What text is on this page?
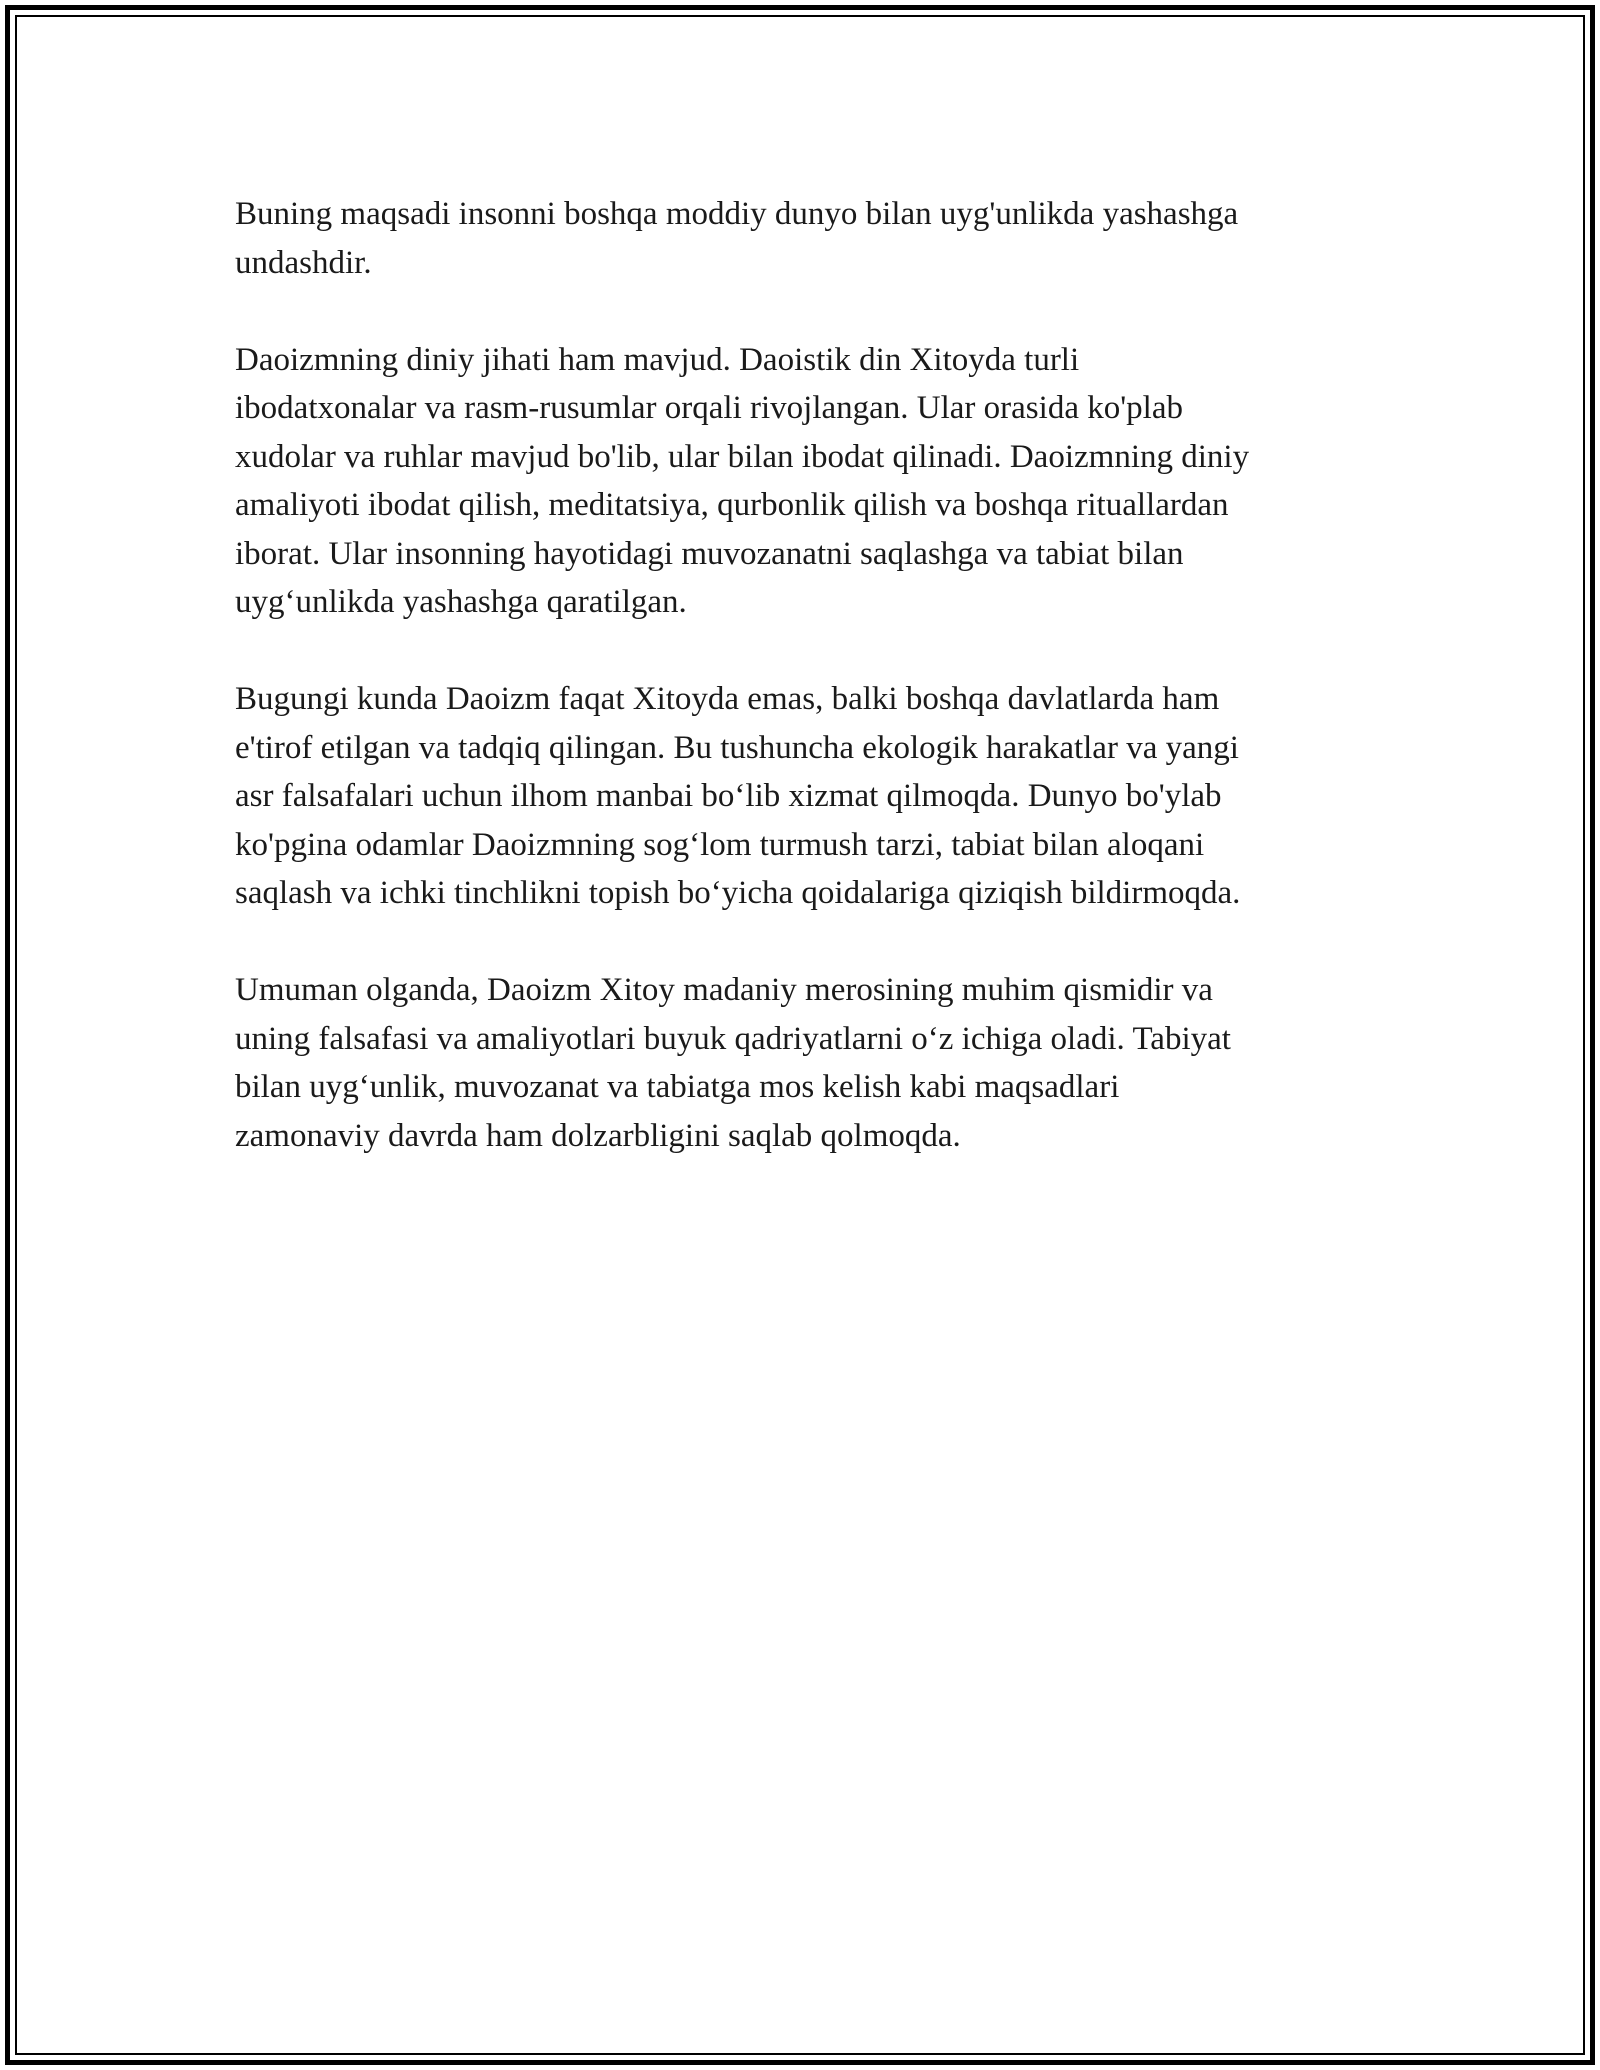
Buning maqsadi insonni boshqa moddiy dunyo bilan uyg'unlikda yashashga
undashdir.

Daoizmning diniy jihati ham mavjud. Daoistik din Xitoyda turli
ibodatxonalar va rasm-rusumlar orqali rivojlangan. Ular orasida ko'plab
xudolar va ruhlar mavjud bo'lib, ular bilan ibodat qilinadi. Daoizmning diniy
amaliyoti ibodat qilish, meditatsiya, qurbonlik qilish va boshqa rituallardan
iborat. Ular insonning hayotidagi muvozanatni saqlashga va tabiat bilan
uyg‘unlikda yashashga qaratilgan.

Bugungi kunda Daoizm faqat Xitoyda emas, balki boshqa davlatlarda ham
e'tirof etilgan va tadqiq qilingan. Bu tushuncha ekologik harakatlar va yangi
asr falsafalari uchun ilhom manbai bo‘lib xizmat qilmoqda. Dunyo bo'ylab
ko'pgina odamlar Daoizmning sog‘lom turmush tarzi, tabiat bilan aloqani
saqlash va ichki tinchlikni topish bo‘yicha qoidalariga qiziqish bildirmoqda.

Umuman olganda, Daoizm Xitoy madaniy merosining muhim qismidir va
uning falsafasi va amaliyotlari buyuk qadriyatlarni o‘z ichiga oladi. Tabiyat
bilan uyg‘unlik, muvozanat va tabiatga mos kelish kabi maqsadlari
zamonaviy davrda ham dolzarbligini saqlab qolmoqda.
